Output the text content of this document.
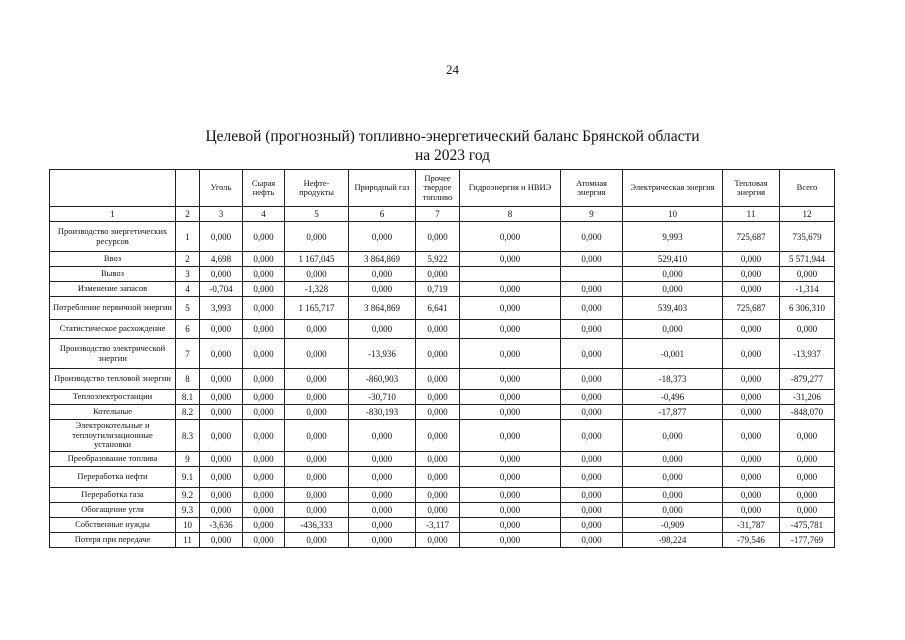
24
Целевой (прогнозный) топливно-энергетический баланс Брянской области
на 2023 год
		Уголь	Сырая нефть	Нефте- продукты	Природный газ	Прочее твердое топливо	Гидроэнергия и НВИЭ	Атомная энергия	Электрическая энергия	Тепловая энергия	Всего
1	2	3	4	5	6	7	8	9	10	11	12
Производство энергетических ресурсов	1	0,000	0,000	0,000	0,000	0,000	0,000	0,000	9,993	725,687	735,679
Ввоз	2	4,698	0,000	1 167,045	3 864,869	5,922	0,000	0,000	529,410	0,000	5 571,944
Вывоз	3	0,000	0,000	0,000	0,000	0,000			0,000	0,000	0,000
Изменение запасов	4	-0,704	0,000	-1,328	0,000	0,719	0,000	0,000	0,000	0,000	-1,314
Потребление первичной энергии	5	3,993	0,000	1 165,717	3 864,869	6,641	0,000	0,000	539,403	725,687	6 306,310
Статистическое расхождение	6	0,000	0,000	0,000	0,000	0,000	0,000	0,000	0,000	0,000	0,000
Производство электрической энергии	7	0,000	0,000	0,000	-13,936	0,000	0,000	0,000	-0,001	0,000	-13,937
Производство тепловой энергии	8	0,000	0,000	0,000	-860,903	0,000	0,000	0,000	-18,373	0,000	-879,277
Теплоэлектростанции	8.1	0,000	0,000	0,000	-30,710	0,000	0,000	0,000	-0,496	0,000	-31,206
Котельные	8.2	0,000	0,000	0,000	-830,193	0,000	0,000	0,000	-17,877	0,000	-848,070
Электрокотельные и теплоутилизационные установки	8.3	0,000	0,000	0,000	0,000	0,000	0,000	0,000	0,000	0,000	0,000
Преобразование топлива	9	0,000	0,000	0,000	0,000	0,000	0,000	0,000	0,000	0,000	0,000
Переработка нефти	9.1	0,000	0,000	0,000	0,000	0,000	0,000	0,000	0,000	0,000	0,000
Переработка газа	9.2	0,000	0,000	0,000	0,000	0,000	0,000	0,000	0,000	0,000	0,000
Обогащение угля	9.3	0,000	0,000	0,000	0,000	0,000	0,000	0,000	0,000	0,000	0,000
Собственные нужды	10	-3,636	0,000	-436,333	0,000	-3,117	0,000	0,000	-0,909	-31,787	-475,781
Потеря при передаче	11	0,000	0,000	0,000	0,000	0,000	0,000	0,000	-98,224	-79,546	-177,769
